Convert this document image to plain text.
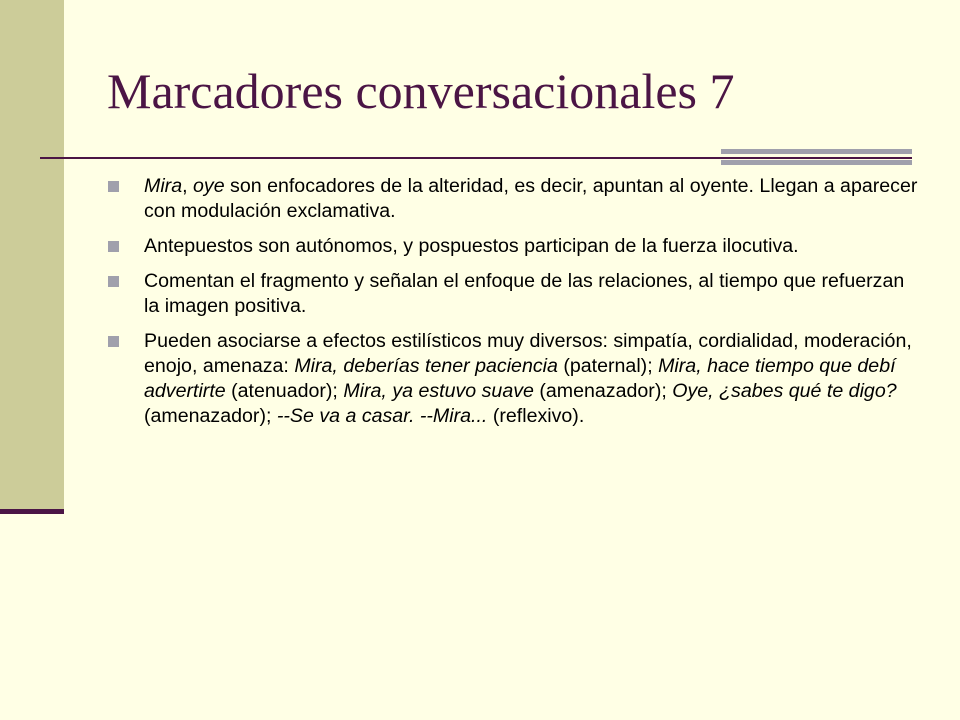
Marcadores conversacionales 7
Mira, oye son enfocadores de la alteridad, es decir, apuntan al oyente. Llegan a aparecer con modulación exclamativa.
Antepuestos son autónomos, y pospuestos participan de la fuerza ilocutiva.
Comentan el fragmento y señalan el enfoque de las relaciones, al tiempo que refuerzan la imagen positiva.
Pueden asociarse a efectos estilísticos muy diversos: simpatía, cordialidad, moderación, enojo, amenaza: Mira, deberías tener paciencia (paternal); Mira, hace tiempo que debí advertirte (atenuador); Mira, ya estuvo suave (amenazador); Oye, ¿sabes qué te digo? (amenazador); --Se va a casar. --Mira... (reflexivo).
